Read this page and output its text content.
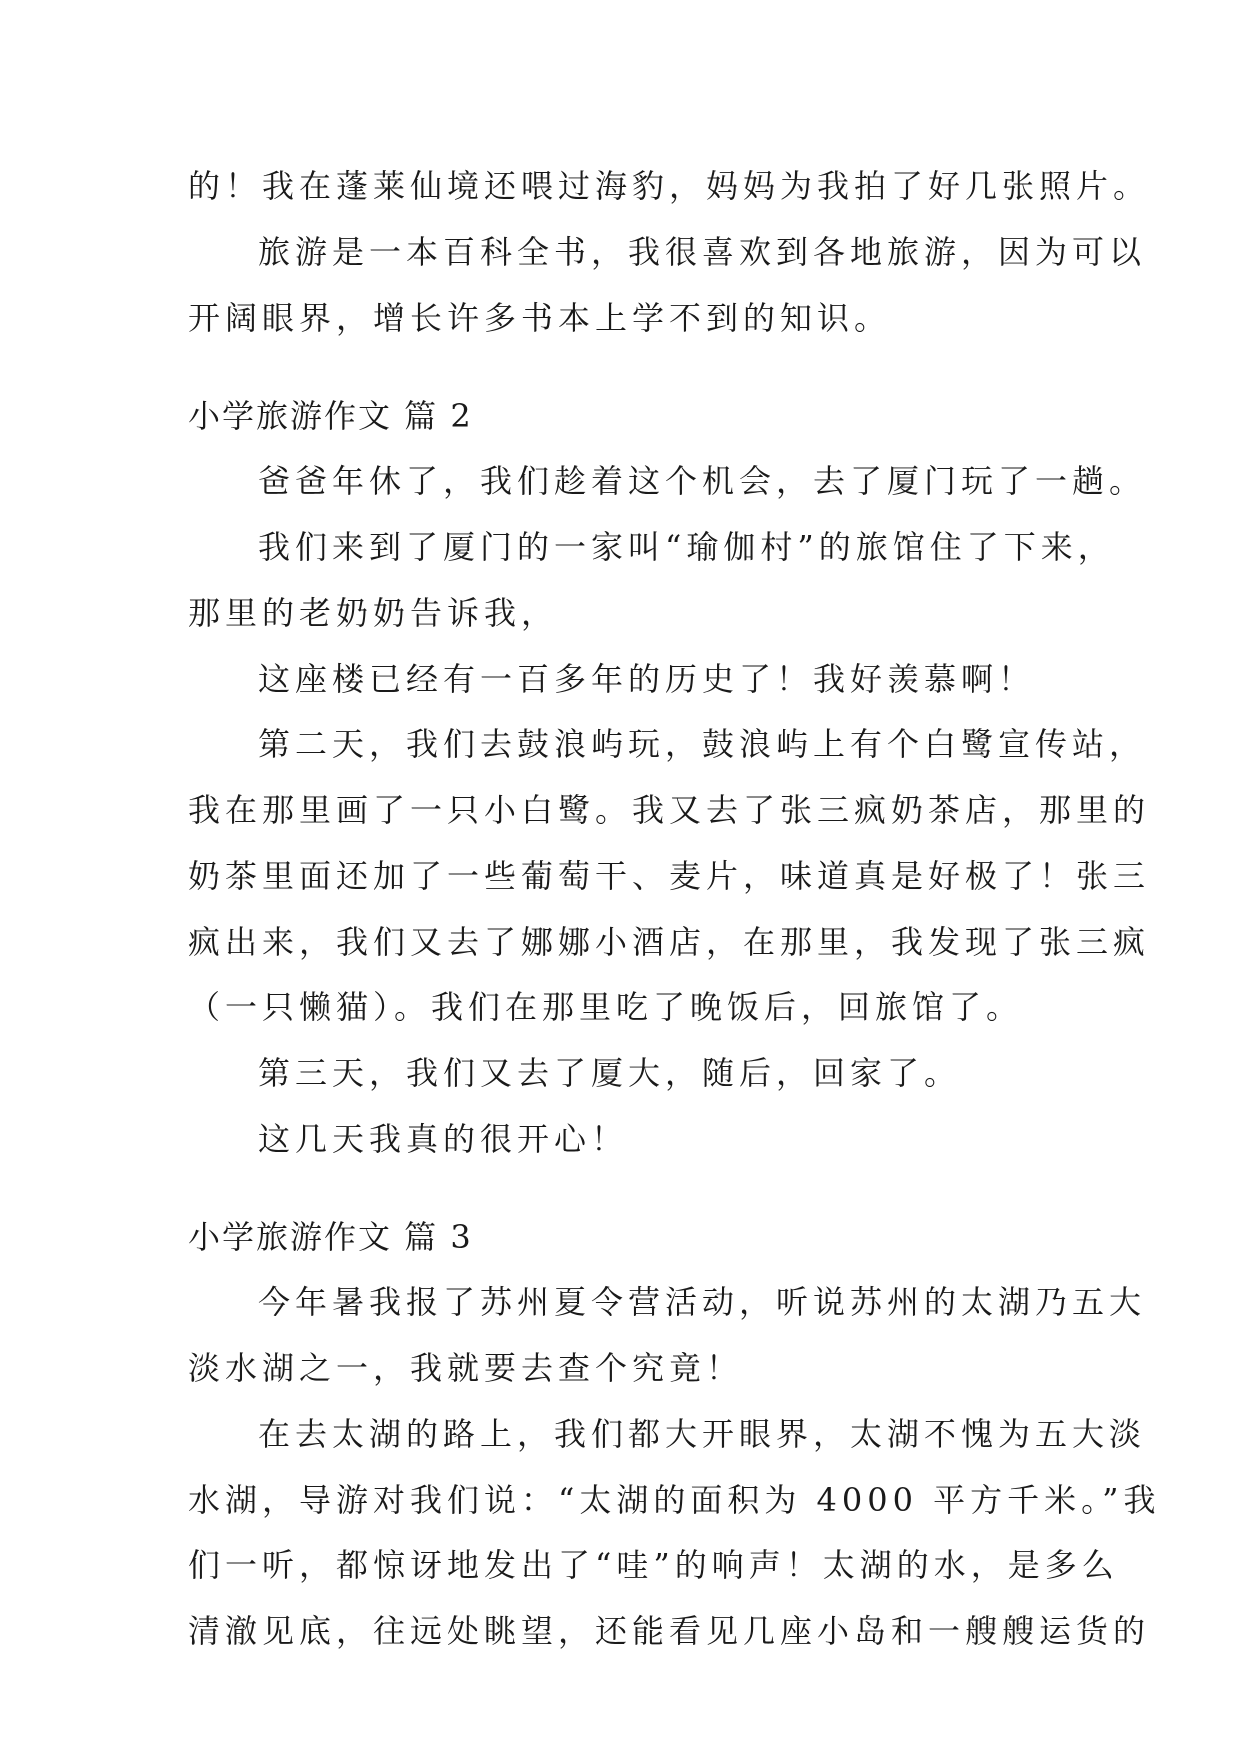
的！我在蓬莱仙境还喂过海豹，妈妈为我拍了好几张照片。
旅游是一本百科全书，我很喜欢到各地旅游，因为可以
开阔眼界，增长许多书本上学不到的知识。
小学旅游作文 篇 2
爸爸年休了，我们趁着这个机会，去了厦门玩了一趟。
我们来到了厦门的一家叫“瑜伽村”的旅馆住了下来，
那里的老奶奶告诉我，
这座楼已经有一百多年的历史了！我好羡慕啊！
第二天，我们去鼓浪屿玩，鼓浪屿上有个白鹭宣传站，
我在那里画了一只小白鹭。我又去了张三疯奶茶店，那里的
奶茶里面还加了一些葡萄干、麦片，味道真是好极了！张三
疯出来，我们又去了娜娜小酒店，在那里，我发现了张三疯
（一只懒猫）。我们在那里吃了晚饭后，回旅馆了。
第三天，我们又去了厦大，随后，回家了。
这几天我真的很开心！
小学旅游作文 篇 3
今年暑我报了苏州夏令营活动，听说苏州的太湖乃五大
淡水湖之一，我就要去查个究竟！
在去太湖的路上，我们都大开眼界，太湖不愧为五大淡
水湖，导游对我们说：“太湖的面积为 4000 平方千米。”我
们一听，都惊讶地发出了“哇”的响声！太湖的水，是多么
清澈见底，往远处眺望，还能看见几座小岛和一艘艘运货的
